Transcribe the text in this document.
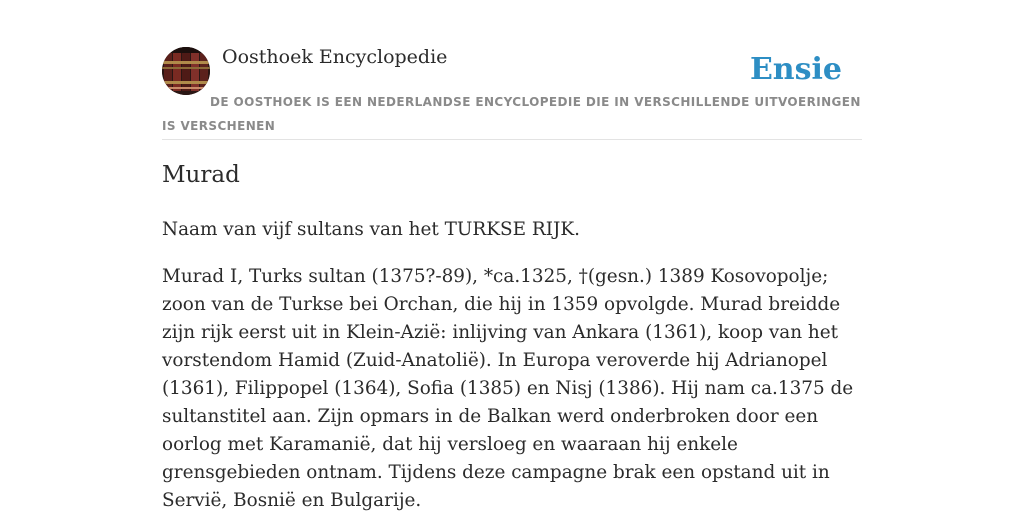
Oosthoek Encyclopedie	Ensie
DE OOSTHOEK IS EEN NEDERLANDSE ENCYCLOPEDIE DIE IN VERSCHILLENDE UITVOERINGEN IS VERSCHENEN
Murad

Naam van vijf sultans van het TURKSE RIJK.

Murad I, Turks sultan (1375?-89), *ca.1325, †(gesn.) 1389 Kosovopolje; zoon van de Turkse bei Orchan, die hij in 1359 opvolgde. Murad breidde zijn rijk eerst uit in Klein-Azië: inlijving van Ankara (1361), koop van het vorstendom Hamid (Zuid-Anatolië). In Europa veroverde hij Adrianopel (1361), Filippopel (1364), Sofia (1385) en Nisj (1386). Hij nam ca.1375 de sultanstitel aan. Zijn opmars in de Balkan werd onderbroken door een oorlog met Karamanië, dat hij versloeg en waaraan hij enkele grensgebieden ontnam. Tijdens deze campagne brak een opstand uit in Servië, Bosnië en Bulgarije.
